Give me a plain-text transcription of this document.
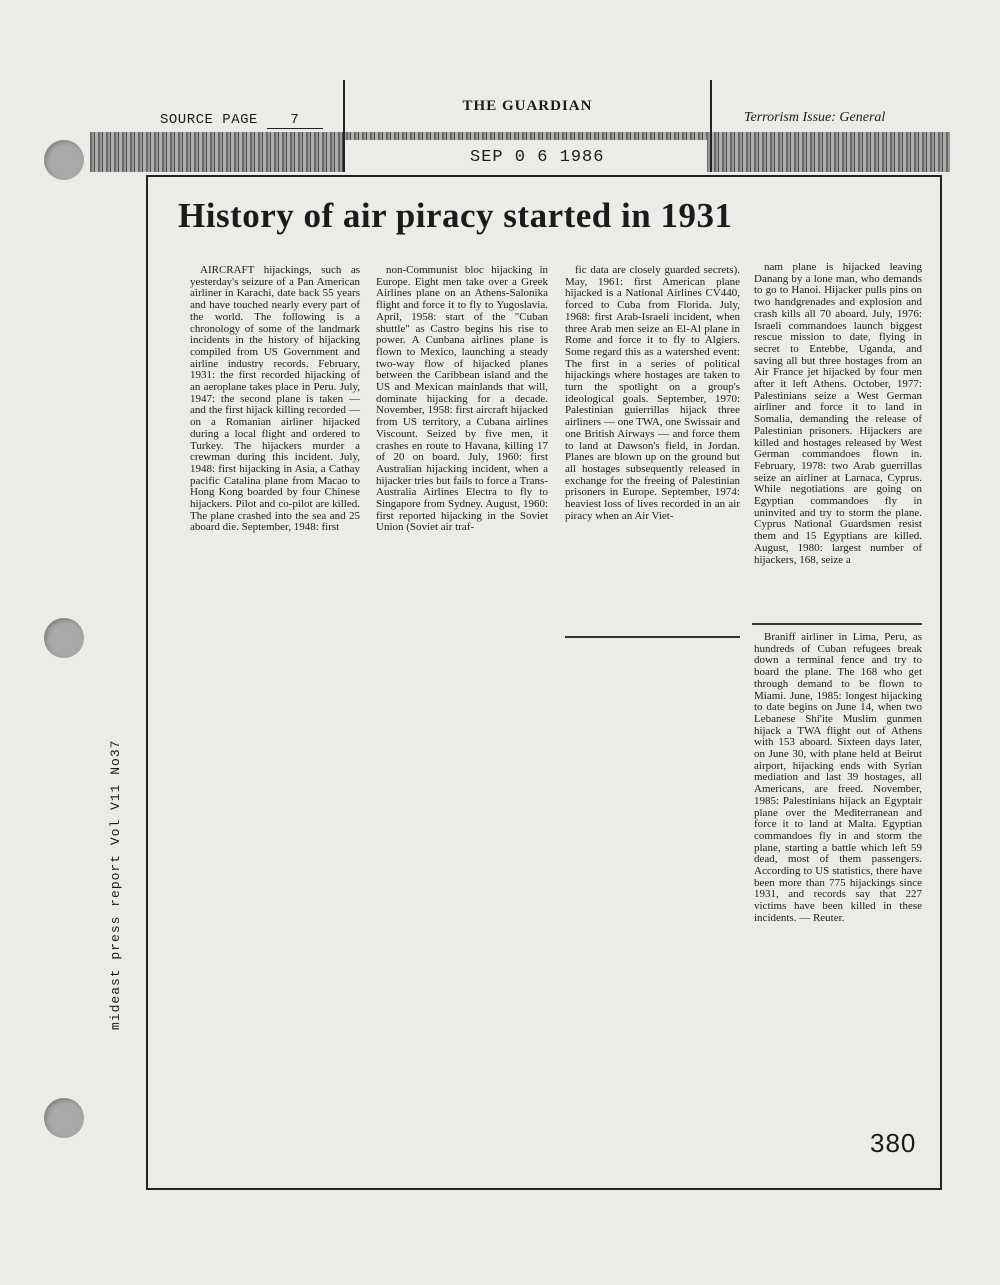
SOURCE PAGE 7
THE GUARDIAN
SEP 0 6 1986
Terrorism Issue: General
mideast press report Vol V11 No37
History of air piracy started in 1931

AIRCRAFT hijackings, such as yesterday's seizure of a Pan American airliner in Karachi, date back 55 years and have touched nearly every part of the world. The following is a chronology of some of the landmark incidents in the history of hijacking compiled from US Government and airline industry records. February, 1931: the first recorded hijacking of an aeroplane takes place in Peru. July, 1947: the second plane is taken — and the first hijack killing recorded — on a Romanian airliner hijacked during a local flight and ordered to Turkey. The hijackers murder a crewman during this incident. July, 1948: first hijacking in Asia, a Cathay pacific Catalina plane from Macao to Hong Kong boarded by four Chinese hijackers. Pilot and co-pilot are killed. The plane crashed into the sea and 25 aboard die. September, 1948: first

non-Communist bloc hijacking in Europe. Eight men take over a Greek Airlines plane on an Athens-Salonika flight and force it to fly to Yugoslavia. April, 1958: start of the "Cuban shuttle" as Castro begins his rise to power. A Cunbana airlines plane is flown to Mexico, launching a steady two-way flow of hijacked planes between the Caribbean island and the US and Mexican mainlands that will, dominate hijacking for a decade. November, 1958: first aircraft hijacked from US territory, a Cubana airlines Viscount. Seized by five men, it crashes en route to Havana, killing 17 of 20 on board. July, 1960: first Australian hijacking incident, when a hijacker tries but fails to force a Trans-Australia Airlines Electra to fly to Singapore from Sydney. August, 1960: first reported hijacking in the Soviet Union (Soviet air traf-

fic data are closely guarded secrets). May, 1961: first American plane hijacked is a National Airlines CV440, forced to Cuba from Florida. July, 1968: first Arab-Israeli incident, when three Arab men seize an El-Al plane in Rome and force it to fly to Algiers. Some regard this as a watershed event: The first in a series of political hijackings where hostages are taken to turn the spotlight on a group's ideological goals. September, 1970: Palestinian guierrillas hijack three airliners — one TWA, one Swissair and one British Airways — and force them to land at Dawson's field, in Jordan. Planes are blown up on the ground but all hostages subsequently released in exchange for the freeing of Palestinian prisoners in Europe. September, 1974: heaviest loss of lives recorded in an air piracy when an Air Viet-

nam plane is hijacked leaving Danang by a lone man, who demands to go to Hanoi. Hijacker pulls pins on two handgrenades and explosion and crash kills all 70 aboard. July, 1976: Israeli commandoes launch biggest rescue mission to date, flying in secret to Entebbe, Uganda, and saving all but three hostages from an Air France jet hijacked by four men after it left Athens. October, 1977: Palestinians seize a West German airliner and force it to land in Somalia, demanding the release of Palestinian prisoners. Hijackers are killed and hostages released by West German commandoes flown in. February, 1978: two Arab guerrillas seize an airliner at Larnaca, Cyprus. While negotiations are going on Egyptian commandoes fly in uninvited and try to storm the plane. Cyprus National Guardsmen resist them and 15 Egyptians are killed. August, 1980: largest number of hijackers, 168, seize a

Braniff airliner in Lima, Peru, as hundreds of Cuban refugees break down a terminal fence and try to board the plane. The 168 who get through demand to be flown to Miami. June, 1985: longest hijacking to date begins on June 14, when two Lebanese Shi'ite Muslim gunmen hijack a TWA flight out of Athens with 153 aboard. Sixteen days later, on June 30, with plane held at Beirut airport, hijacking ends with Syrian mediation and last 39 hostages, all Americans, are freed. November, 1985: Palestinians hijack an Egyptair plane over the Mediterranean and force it to land at Malta. Egyptian commandoes fly in and storm the plane, starting a battle which left 59 dead, most of them passengers. According to US statistics, there have been more than 775 hijackings since 1931, and records say that 227 victims have been killed in these incidents. — Reuter.

380
